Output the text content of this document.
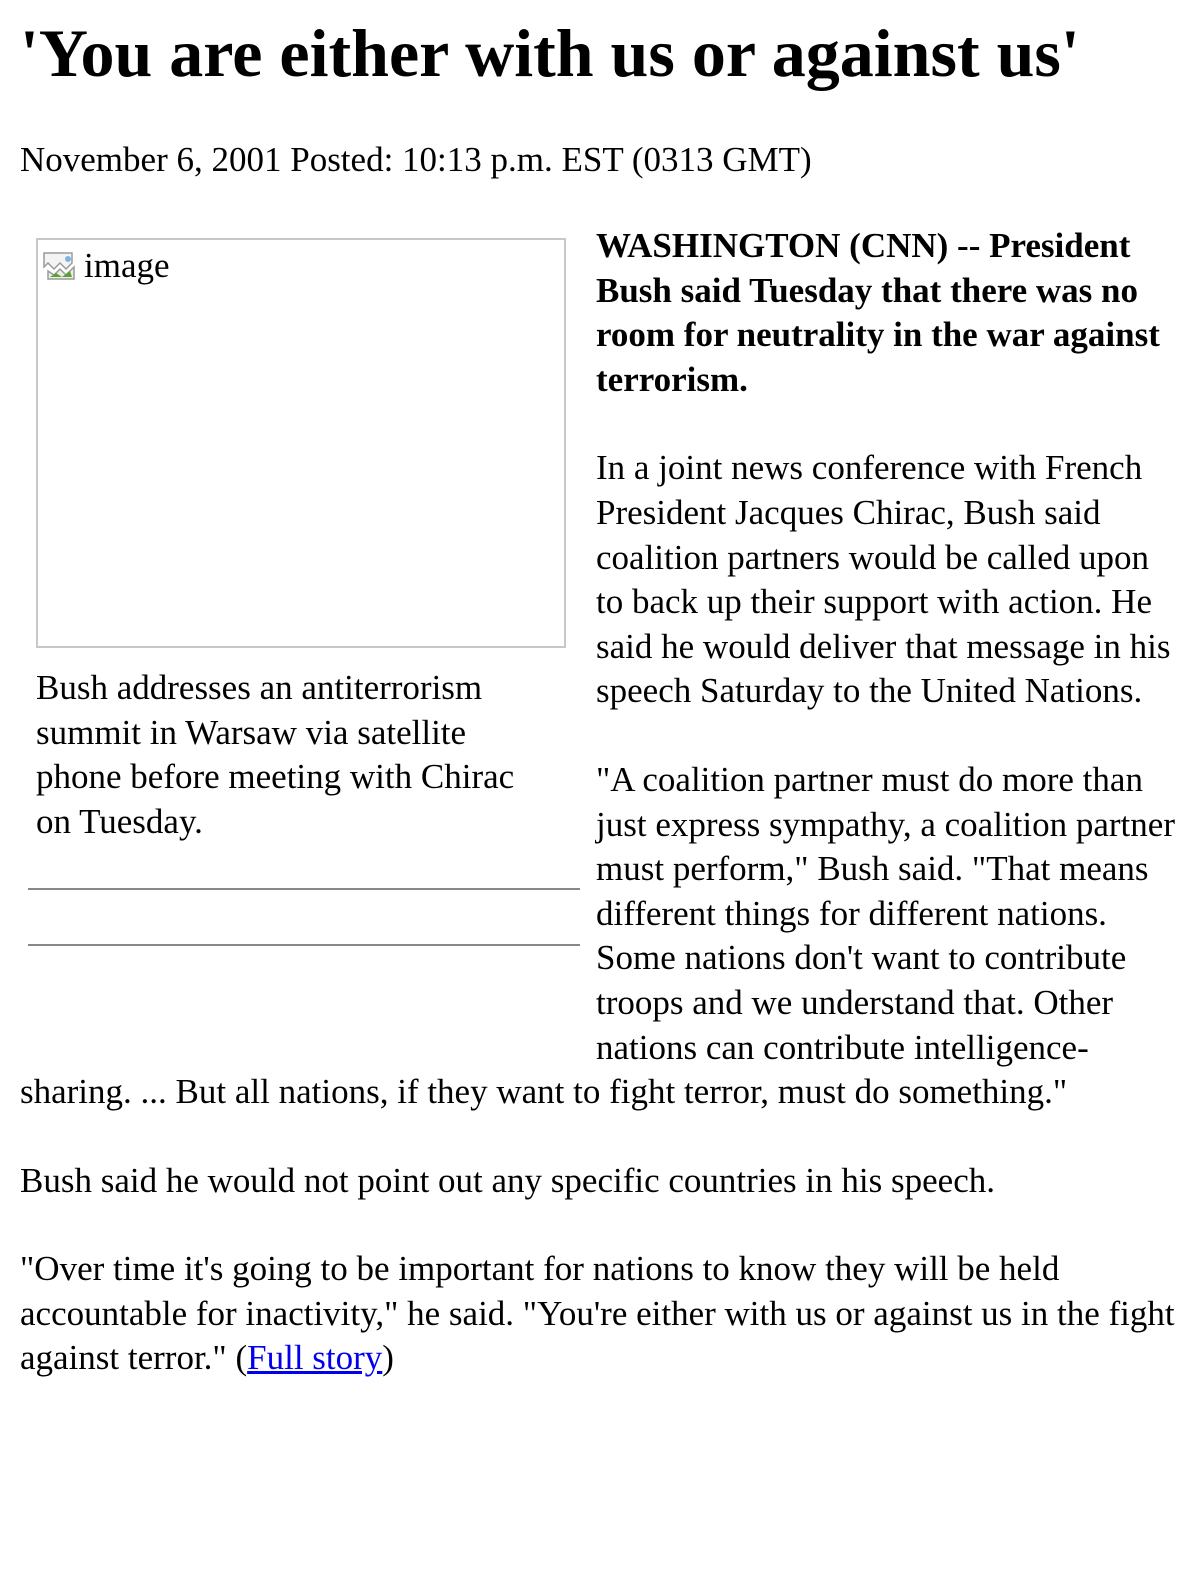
'You are either with us or against us'
November 6, 2001 Posted: 10:13 p.m. EST (0313 GMT)
image
Bush addresses an antiterrorism summit in Warsaw via satellite phone before meeting with Chirac on Tuesday.

WASHINGTON (CNN) -- President Bush said Tuesday that there was no room for neutrality in the war against terrorism.

In a joint news conference with French President Jacques Chirac, Bush said coalition partners would be called upon to back up their support with action. He said he would deliver that message in his speech Saturday to the United Nations.

"A coalition partner must do more than just express sympathy, a coalition partner must perform," Bush said. "That means different things for different nations. Some nations don't want to contribute troops and we understand that. Other nations can contribute intelligence-sharing. ... But all nations, if they want to fight terror, must do something."

Bush said he would not point out any specific countries in his speech.

"Over time it's going to be important for nations to know they will be held accountable for inactivity," he said. "You're either with us or against us in the fight against terror." (Full story)
